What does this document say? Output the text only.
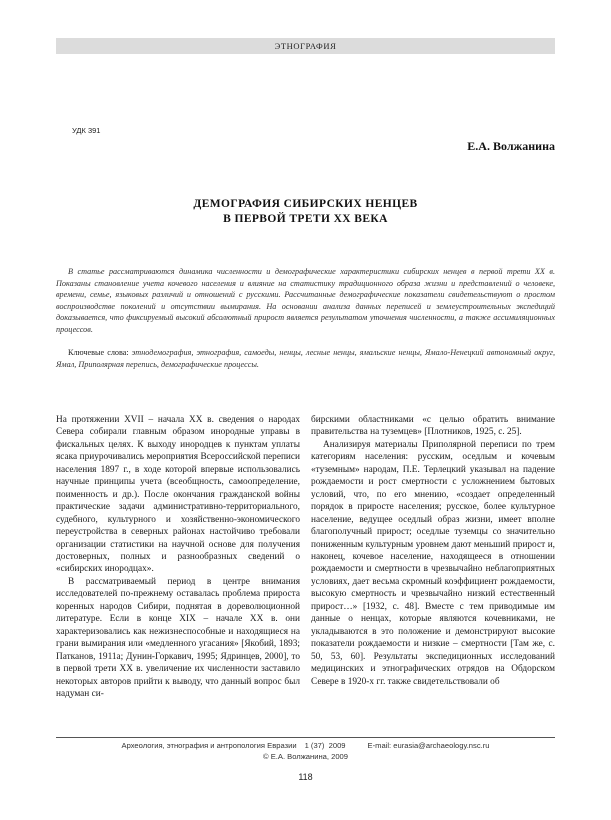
ЭТНОГРАФИЯ
УДК 391
Е.А. Волжанина
ДЕМОГРАФИЯ СИБИРСКИХ НЕНЦЕВ
В ПЕРВОЙ ТРЕТИ XX ВЕКА
В статье рассматриваются динамика численности и демографические характеристики сибирских ненцев в первой трети XX в. Показаны становление учета кочевого населения и влияние на статистику традиционного образа жизни и представлений о человеке, времени, семье, языковых различий и отношений с русскими. Рассчитанные демографические показатели свидетельствуют о простом воспроизводстве поколений и отсутствии вымирания. На основании анализа данных переписей и землеустроительных экспедиций доказывается, что фиксируемый высокий абсолютный прирост является результатом уточнения численности, а также ассимиляционных процессов.
Ключевые слова: этнодемография, этнография, самоеды, ненцы, лесные ненцы, ямальские ненцы, Ямало-Ненецкий автономный округ, Ямал, Приполярная перепись, демографические процессы.

На протяжении XVII – начала XX в. сведения о народах Севера собирали главным образом инородные управы в фискальных целях. К выходу инородцев к пунктам уплаты ясака приурочивались мероприятия Всероссийской переписи населения 1897 г., в ходе которой впервые использовались научные принципы учета (всеобщность, самоопределение, поименность и др.). После окончания гражданской войны практические задачи административно-территориального, судебного, культурного и хозяйственно-экономического переустройства в северных районах настойчиво требовали организации статистики на научной основе для получения достоверных, полных и разнообразных сведений о «сибирских инородцах».

В рассматриваемый период в центре внимания исследователей по-прежнему оставалась проблема прироста коренных народов Сибири, поднятая в дореволюционной литературе. Если в конце XIX – начале XX в. они характеризовались как нежизнеспособные и находящиеся на грани вымирания или «медленного угасания» [Якобий, 1893; Патканов, 1911а; Дунин-Горкавич, 1995; Ядринцев, 2000], то в первой трети XX в. увеличение их численности заставило некоторых авторов прийти к выводу, что данный вопрос был надуман си-

бирскими областниками «с целью обратить внимание правительства на туземцев» [Плотников, 1925, с. 25].

Анализируя материалы Приполярной переписи по трем категориям населения: русским, оседлым и кочевым «туземным» народам, П.Е. Терлецкий указывал на падение рождаемости и рост смертности с усложнением бытовых условий, что, по его мнению, «создает определенный порядок в приросте населения; русское, более культурное население, ведущее оседлый образ жизни, имеет вполне благополучный прирост; оседлые туземцы со значительно пониженным культурным уровнем дают меньший прирост и, наконец, кочевое население, находящееся в отношении рождаемости и смертности в чрезвычайно неблагоприятных условиях, дает весьма скромный коэффициент рождаемости, высокую смертность и чрезвычайно низкий естественный прирост…» [1932, с. 48]. Вместе с тем приводимые им данные о ненцах, которые являются кочевниками, не укладываются в это положение и демонстрируют высокие показатели рождаемости и низкие – смертности [Там же, с. 50, 53, 60]. Результаты экспедиционных исследований медицинских и этнографических отрядов на Обдорском Севере в 1920-х гг. также свидетельствовали об

Археология, этнография и антропология Евразии 1 (37)  2009	E-mail: eurasia@archaeology.nsc.ru
© Е.А. Волжанина, 2009
118
